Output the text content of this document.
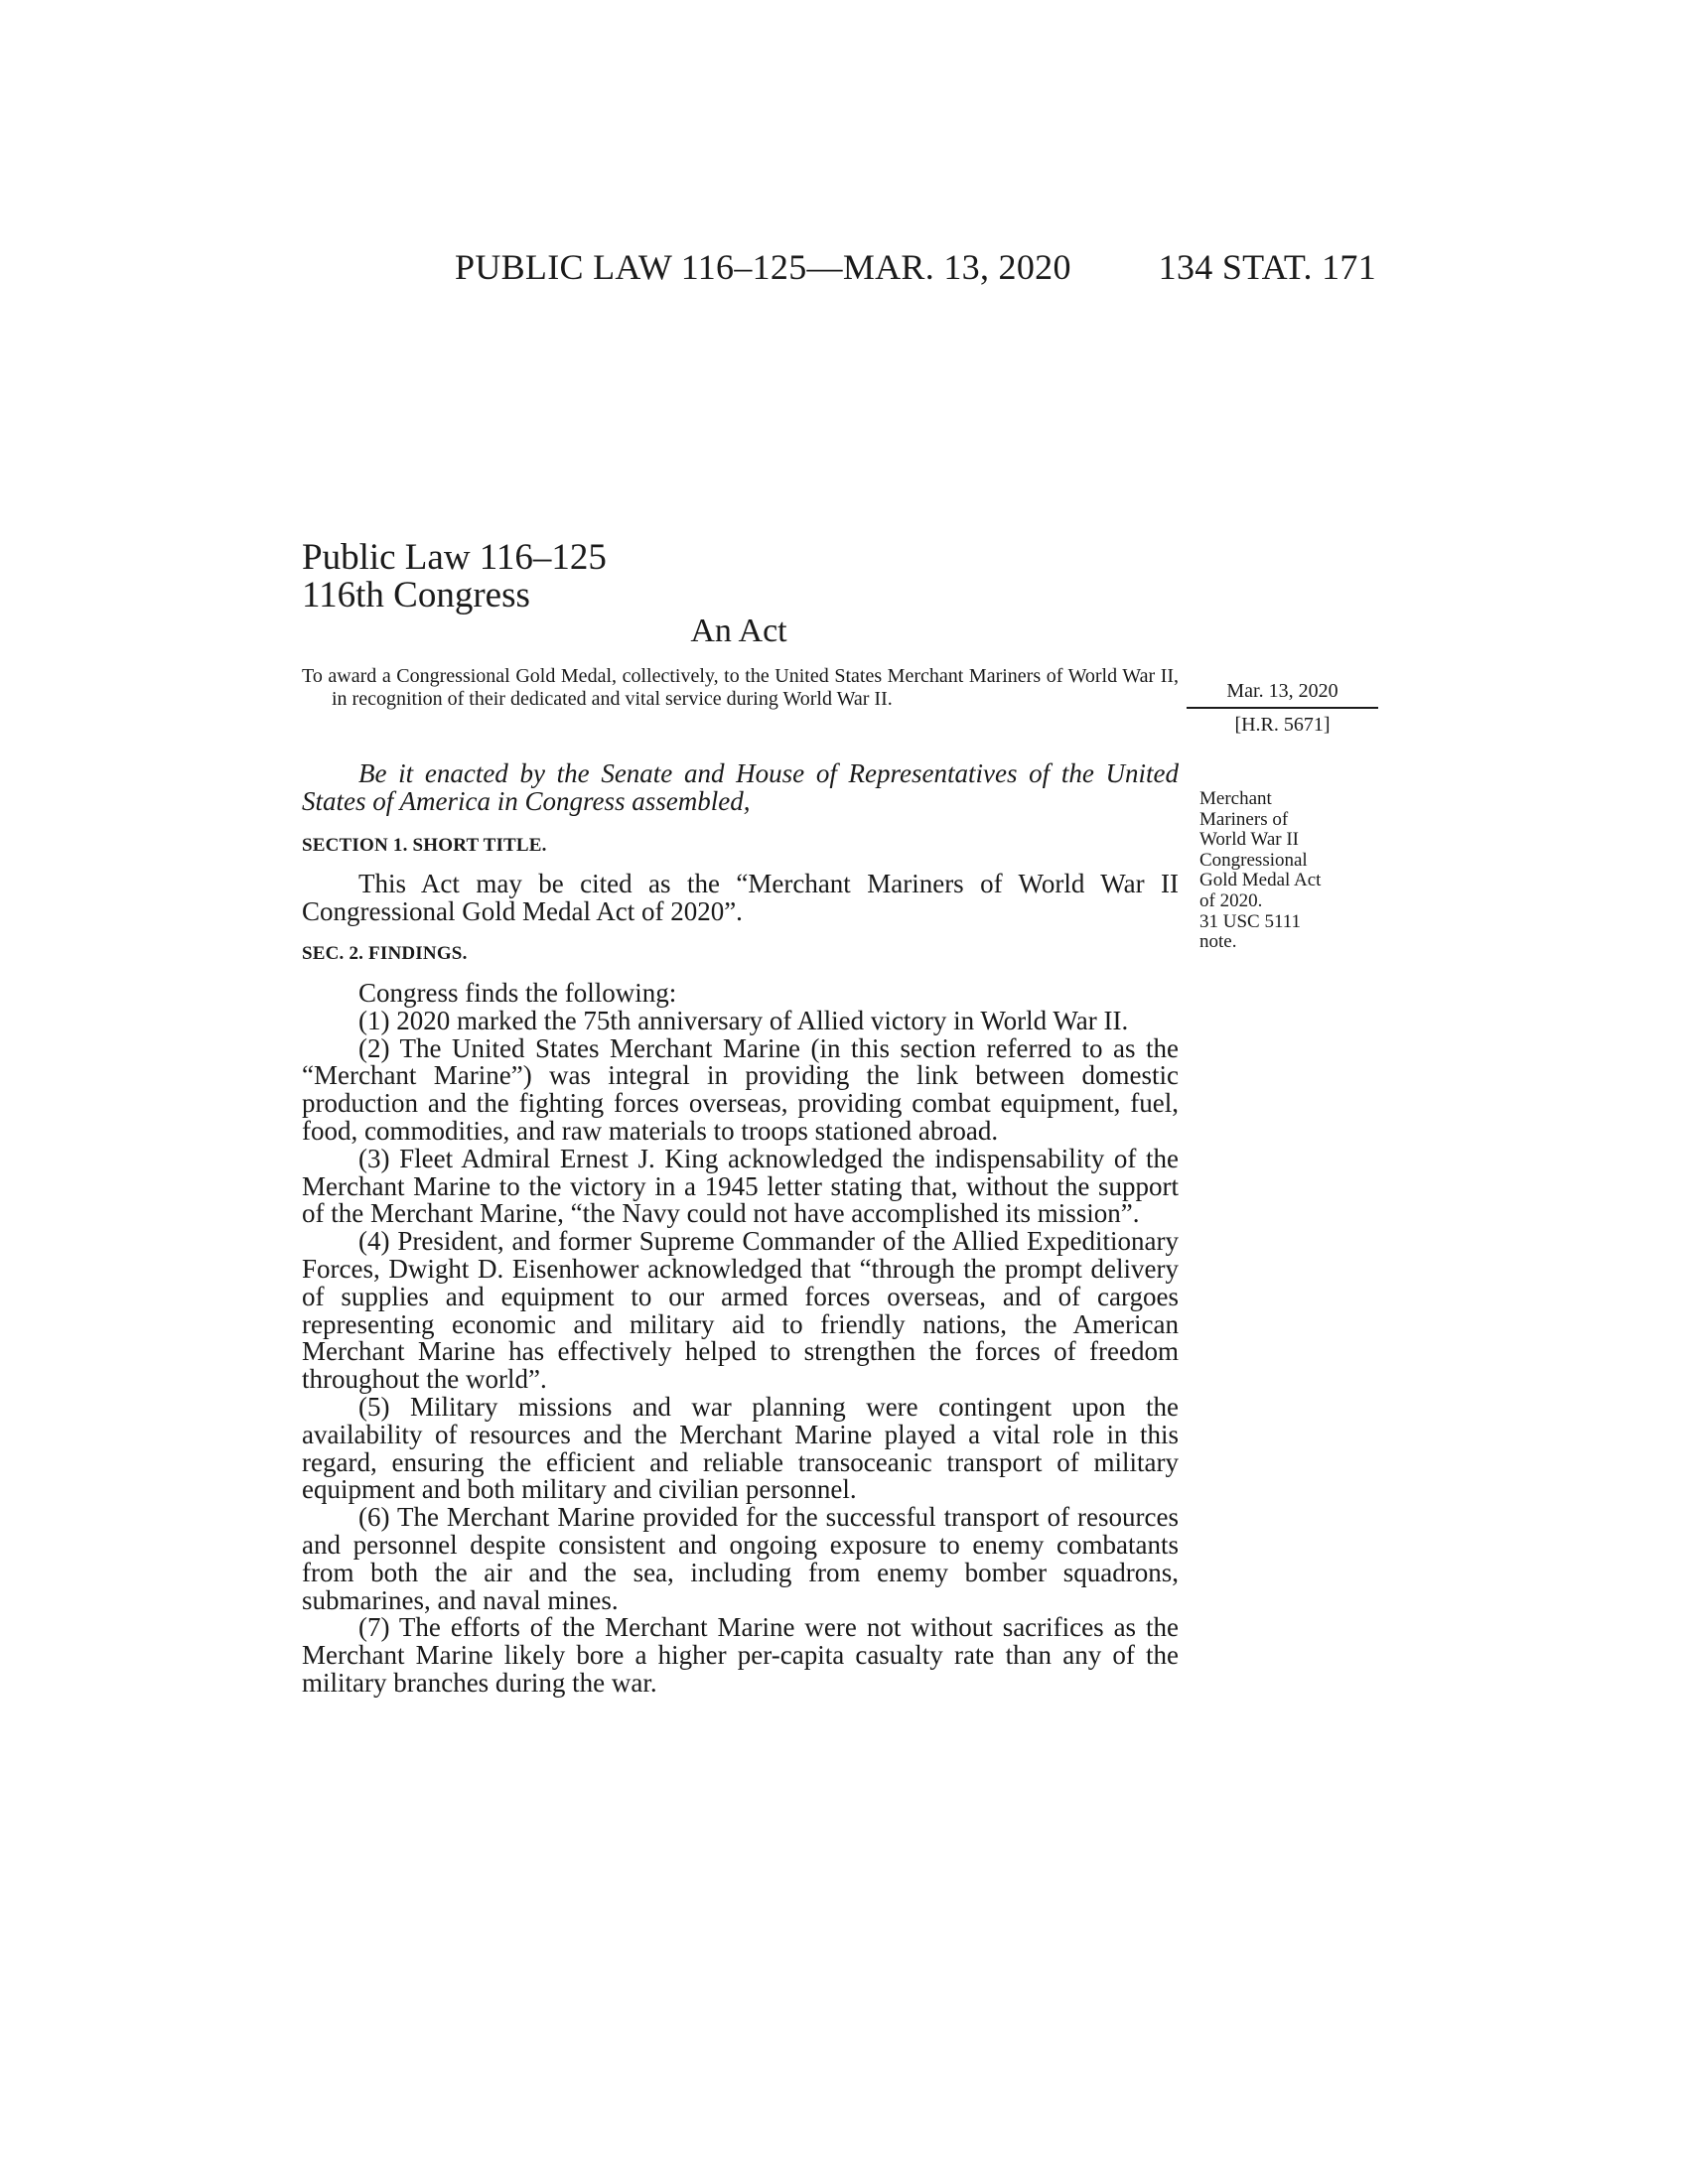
PUBLIC LAW 116–125—MAR. 13, 2020 134 STAT. 171
Public Law 116–125
116th Congress
An Act
To award a Congressional Gold Medal, collectively, to the United States Merchant Mariners of World War II, in recognition of their dedicated and vital service during World War II.	Mar. 13, 2020
[H.R. 5671]
Merchant
Mariners of
World War II
Congressional
Gold Medal Act
of 2020.
31 USC 5111
note.

Be it enacted by the Senate and House of Representatives of the United States of America in Congress assembled,

SECTION 1. SHORT TITLE.

This Act may be cited as the “Merchant Mariners of World War II Congressional Gold Medal Act of 2020”.

SEC. 2. FINDINGS.

Congress finds the following:

(1) 2020 marked the 75th anniversary of Allied victory in World War II.

(2) The United States Merchant Marine (in this section referred to as the “Merchant Marine”) was integral in providing the link between domestic production and the fighting forces overseas, providing combat equipment, fuel, food, commodities, and raw materials to troops stationed abroad.

(3) Fleet Admiral Ernest J. King acknowledged the indispensability of the Merchant Marine to the victory in a 1945 letter stating that, without the support of the Merchant Marine, “the Navy could not have accomplished its mission”.

(4) President, and former Supreme Commander of the Allied Expeditionary Forces, Dwight D. Eisenhower acknowledged that “through the prompt delivery of supplies and equipment to our armed forces overseas, and of cargoes representing economic and military aid to friendly nations, the American Merchant Marine has effectively helped to strengthen the forces of freedom throughout the world”.

(5) Military missions and war planning were contingent upon the availability of resources and the Merchant Marine played a vital role in this regard, ensuring the efficient and reliable transoceanic transport of military equipment and both military and civilian personnel.

(6) The Merchant Marine provided for the successful transport of resources and personnel despite consistent and ongoing exposure to enemy combatants from both the air and the sea, including from enemy bomber squadrons, submarines, and naval mines.

(7) The efforts of the Merchant Marine were not without sacrifices as the Merchant Marine likely bore a higher per-capita casualty rate than any of the military branches during the war.
